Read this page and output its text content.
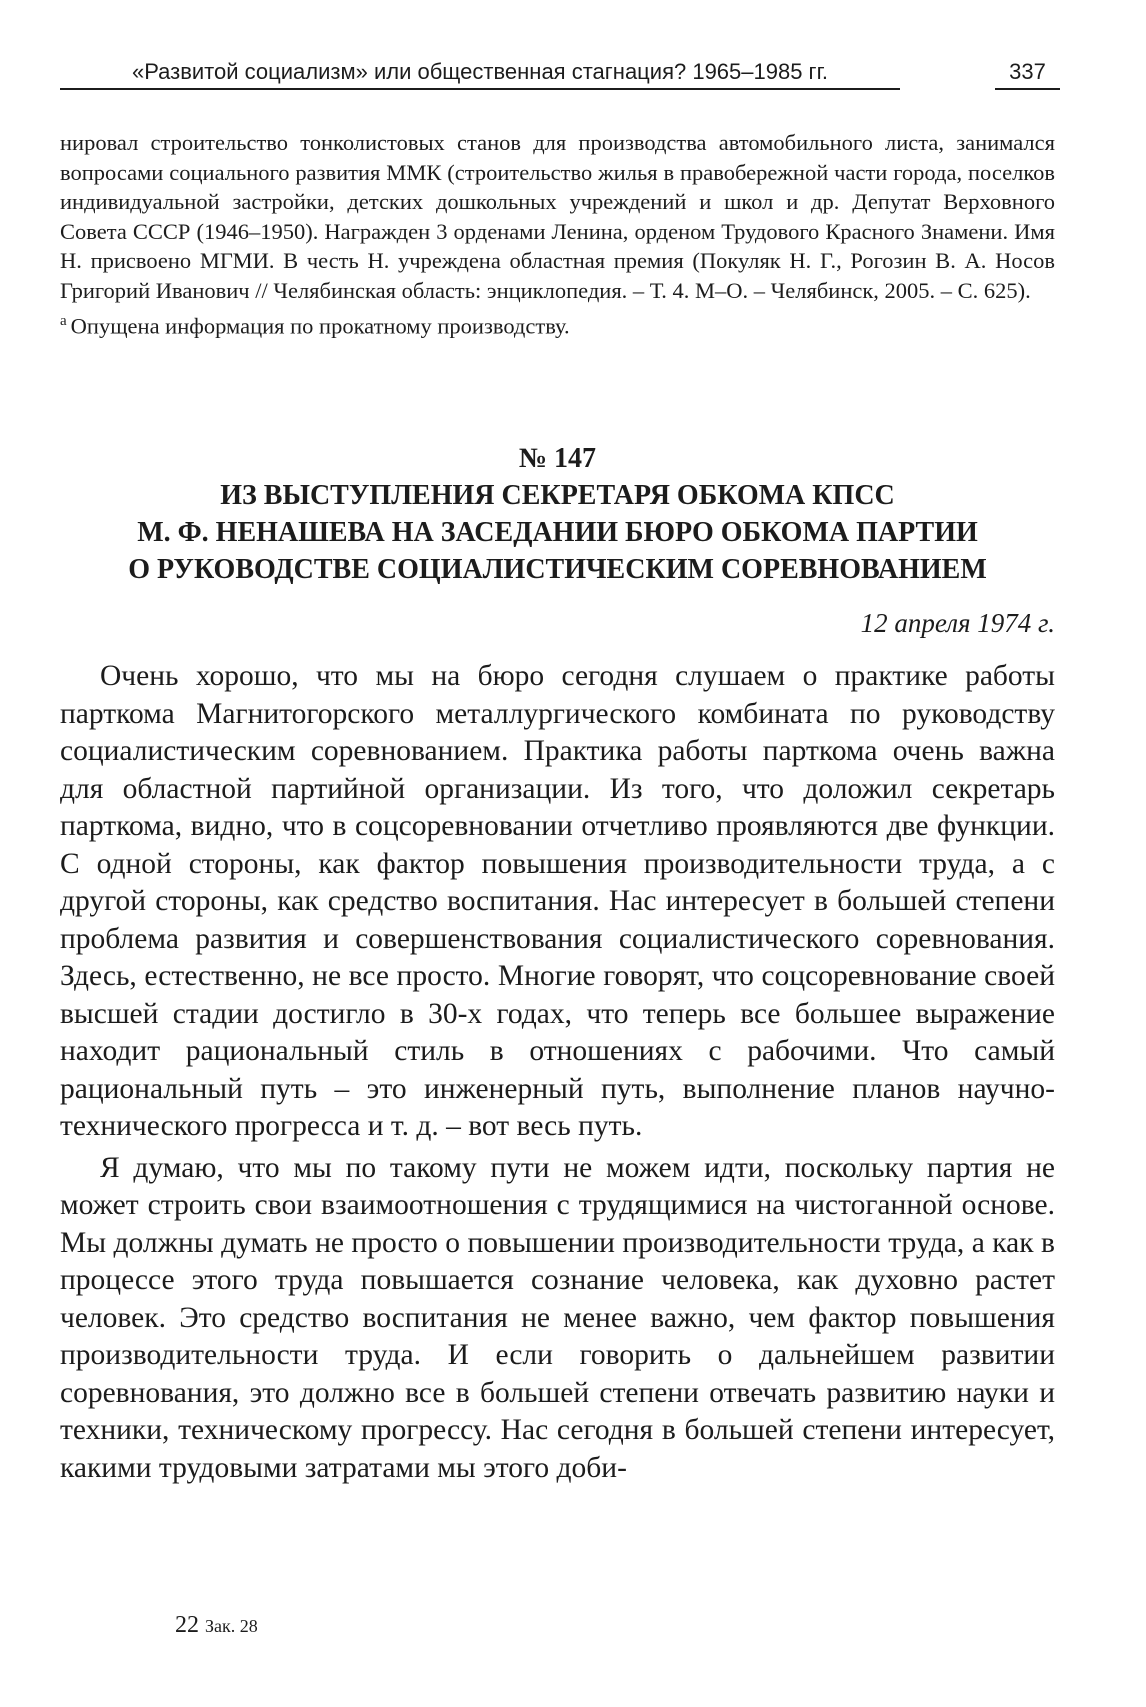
«Развитой социализм» или общественная стагнация? 1965–1985 гг.	337

нировал строительство тонколистовых станов для производства автомобильного листа, занимался вопросами социального развития ММК (строительство жилья в правобережной части города, поселков индивидуальной застройки, детских дошкольных учреждений и школ и др. Депутат Верховного Совета СССР (1946–1950). Награжден 3 орденами Ленина, орденом Трудового Красного Знамени. Имя Н. присвоено МГМИ. В честь Н. учреждена областная премия (Покуляк Н. Г., Рогозин В. А. Носов Григорий Иванович // Челябинская область: энциклопедия. – Т. 4. М–О. – Челябинск, 2005. – С. 625).

$^а$ Опущена информация по прокатному производству.

№ 147
ИЗ ВЫСТУПЛЕНИЯ СЕКРЕТАРЯ ОБКОМА КПСС
М. Ф. НЕНАШЕВА НА ЗАСЕДАНИИ БЮРО ОБКОМА ПАРТИИ
О РУКОВОДСТВЕ СОЦИАЛИСТИЧЕСКИМ СОРЕВНОВАНИЕМ
12 апреля 1974 г.

Очень хорошо, что мы на бюро сегодня слушаем о практике работы парткома Магнитогорского металлургического комбината по руководству социалистическим соревнованием. Практика работы парткома очень важна для областной партийной организации. Из того, что доложил секретарь парткома, видно, что в соцсоревновании отчетливо проявляются две функции. С одной стороны, как фактор повышения производительности труда, а с другой стороны, как средство воспитания. Нас интересует в большей степени проблема развития и совершенствования социалистического соревнования. Здесь, естественно, не все просто. Многие говорят, что соцсоревнование своей высшей стадии достигло в 30-х годах, что теперь все большее выражение находит рациональный стиль в отношениях с рабочими. Что самый рациональный путь – это инженерный путь, выполнение планов научно-технического прогресса и т. д. – вот весь путь.

Я думаю, что мы по такому пути не можем идти, поскольку партия не может строить свои взаимоотношения с трудящимися на чистоганной основе. Мы должны думать не просто о повышении производительности труда, а как в процессе этого труда повышается сознание человека, как духовно растет человек. Это средство воспитания не менее важно, чем фактор повышения производительности труда. И если говорить о дальнейшем развитии соревнования, это должно все в большей степени отвечать развитию науки и техники, техническому прогрессу. Нас сегодня в большей степени интересует, какими трудовыми затратами мы этого доби-

22 Зак. 28
